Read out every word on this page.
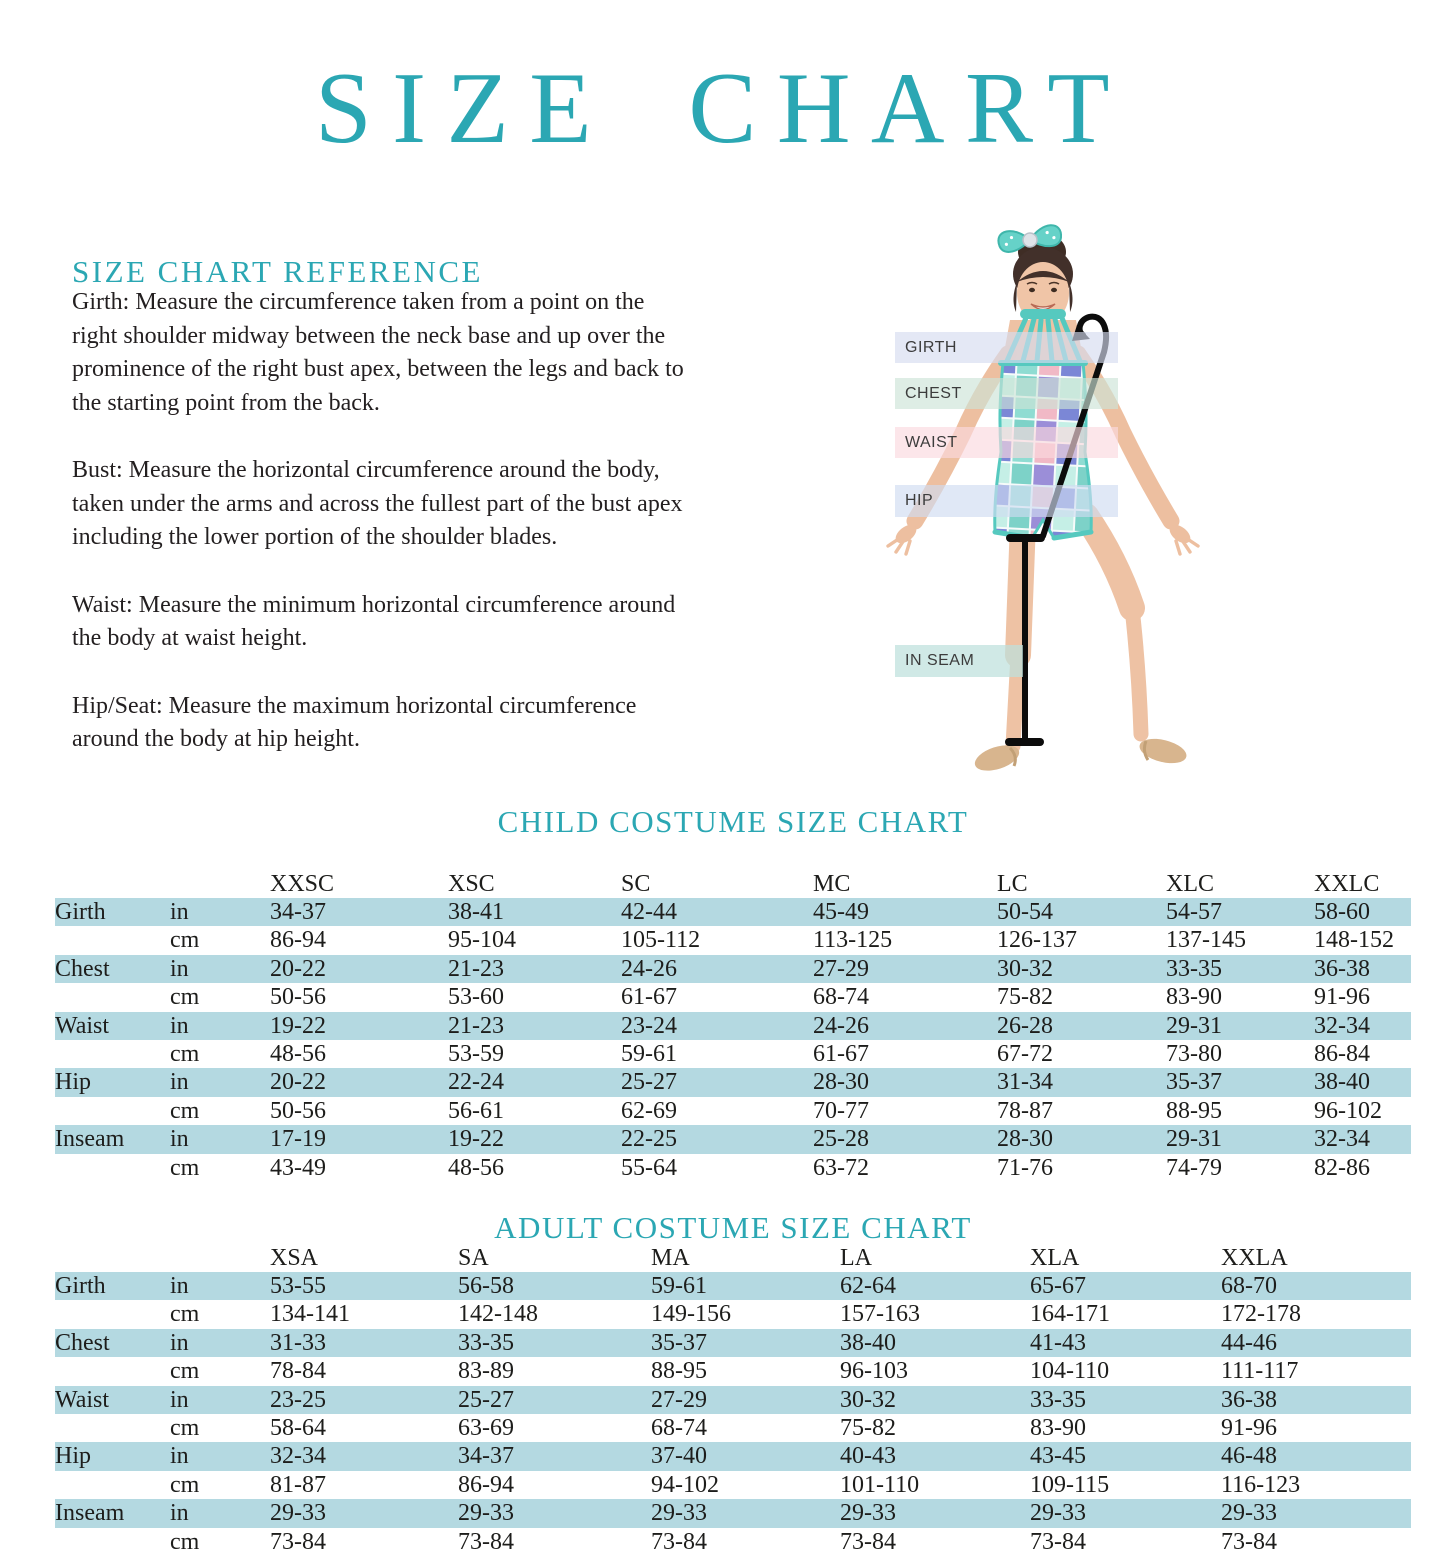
SIZE CHART
SIZE CHART REFERENCE

Girth: Measure the circumference taken from a point on the right shoulder midway between the neck base and up over the prominence of the right bust apex, between the legs and back to the starting point from the back.

Bust: Measure the horizontal circumference around the body, taken under the arms and across the fullest part of the bust apex including the lower portion of the shoulder blades.

Waist: Measure the minimum horizontal circumference around the body at waist height.

Hip/Seat: Measure the maximum horizontal circumference around the body at hip height.

GIRTH
CHEST
WAIST
HIP
IN SEAM
CHILD COSTUME SIZE CHART
XXSC	XSC	SC	MC	LC	XLC	XXLC
Girth	in	34-37	38-41	42-44	45-49	50-54	54-57	58-60
cm	86-94	95-104	105-112	113-125	126-137	137-145	148-152
Chest	in	20-22	21-23	24-26	27-29	30-32	33-35	36-38
cm	50-56	53-60	61-67	68-74	75-82	83-90	91-96
Waist	in	19-22	21-23	23-24	24-26	26-28	29-31	32-34
cm	48-56	53-59	59-61	61-67	67-72	73-80	86-84
Hip	in	20-22	22-24	25-27	28-30	31-34	35-37	38-40
cm	50-56	56-61	62-69	70-77	78-87	88-95	96-102
Inseam	in	17-19	19-22	22-25	25-28	28-30	29-31	32-34
cm	43-49	48-56	55-64	63-72	71-76	74-79	82-86
ADULT COSTUME SIZE CHART
XSA	SA	MA	LA	XLA	XXLA
Girth	in	53-55	56-58	59-61	62-64	65-67	68-70
cm	134-141	142-148	149-156	157-163	164-171	172-178
Chest	in	31-33	33-35	35-37	38-40	41-43	44-46
cm	78-84	83-89	88-95	96-103	104-110	111-117
Waist	in	23-25	25-27	27-29	30-32	33-35	36-38
cm	58-64	63-69	68-74	75-82	83-90	91-96
Hip	in	32-34	34-37	37-40	40-43	43-45	46-48
cm	81-87	86-94	94-102	101-110	109-115	116-123
Inseam	in	29-33	29-33	29-33	29-33	29-33	29-33
cm	73-84	73-84	73-84	73-84	73-84	73-84
